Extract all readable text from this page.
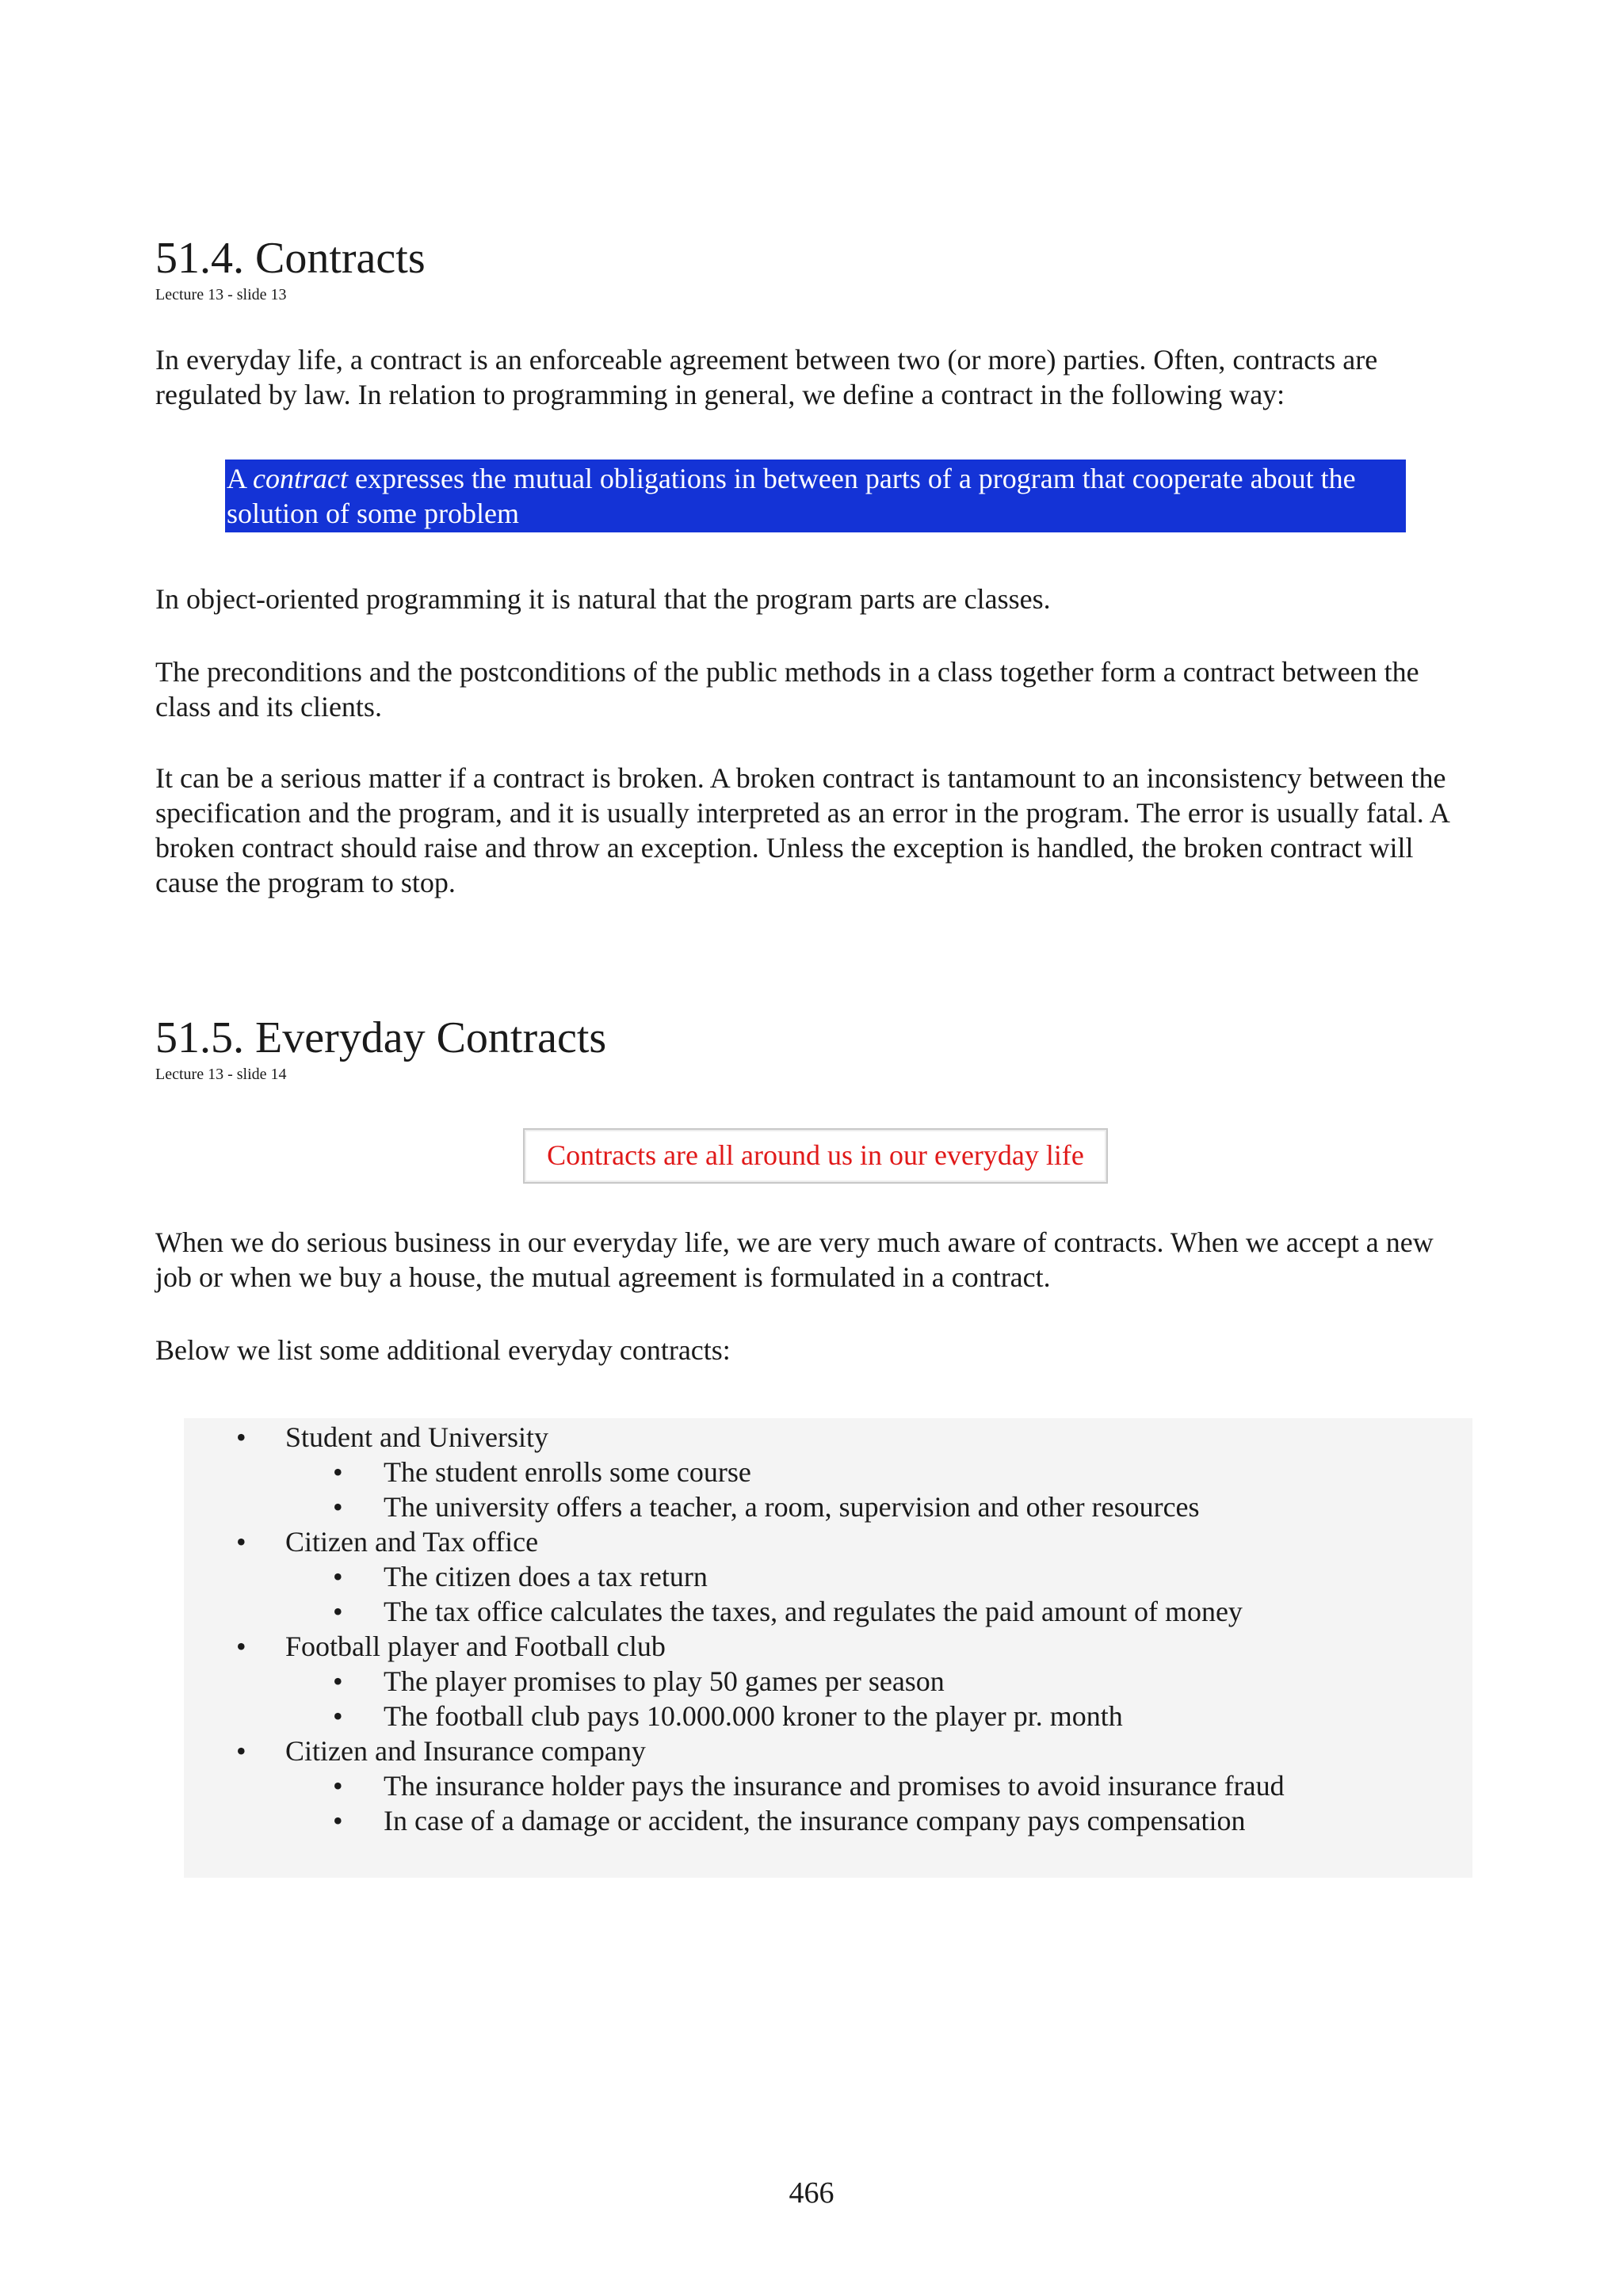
51.4. Contracts
Lecture 13 - slide 13

In everyday life, a contract is an enforceable agreement between two (or more) parties. Often, contracts are regulated by law. In relation to programming in general, we define a contract in the following way:

A contract expresses the mutual obligations in between parts of a program that cooperate about the solution of some problem

In object-oriented programming it is natural that the program parts are classes.

The preconditions and the postconditions of the public methods in a class together form a contract between the class and its clients.

It can be a serious matter if a contract is broken. A broken contract is tantamount to an inconsistency between the specification and the program, and it is usually interpreted as an error in the program. The error is usually fatal. A broken contract should raise and throw an exception. Unless the exception is handled, the broken contract will cause the program to stop.

51.5. Everyday Contracts
Lecture 13 - slide 14
Contracts are all around us in our everyday life

When we do serious business in our everyday life, we are very much aware of contracts. When we accept a new job or when we buy a house, the mutual agreement is formulated in a contract.

Below we list some additional everyday contracts:

• Student and University
• The student enrolls some course
• The university offers a teacher, a room, supervision and other resources
• Citizen and Tax office
• The citizen does a tax return
• The tax office calculates the taxes, and regulates the paid amount of money
• Football player and Football club
• The player promises to play 50 games per season
• The football club pays 10.000.000 kroner to the player pr. month
• Citizen and Insurance company
• The insurance holder pays the insurance and promises to avoid insurance fraud
• In case of a damage or accident, the insurance company pays compensation
466
